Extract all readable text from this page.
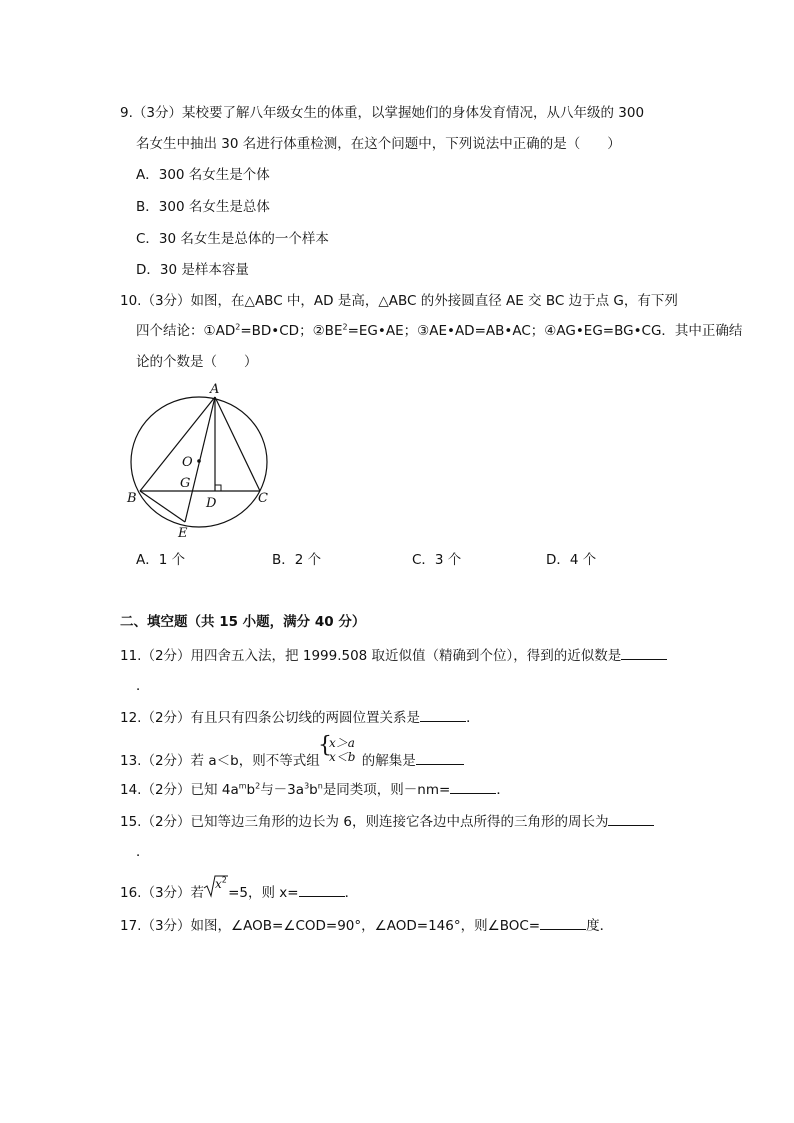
9.（3分）某校要了解八年级女生的体重，以掌握她们的身体发育情况，从八年级的 300
名女生中抽出 30 名进行体重检测，在这个问题中，下列说法中正确的是（　　）
A．300 名女生是个体
B．300 名女生是总体
C．30 名女生是总体的一个样本
D．30 是样本容量
10.（3分）如图，在△ABC 中，AD 是高，△ABC 的外接圆直径 AE 交 BC 边于点 G，有下列
四个结论：$①AD^2=BD•CD$；$②BE^2=EG•AE$；③AE•AD=AB•AC；④AG•EG=BG•CG．其中正确结
论的个数是（　　）
A
O
G
B	D	C
E
A．1 个	B．2 个	C．3 个	D．4 个
二、填空题（共 15 小题，满分 40 分）
11.（2分）用四舍五入法，把 1999.508 取近似值（精确到个位），得到的近似数是
．
12.（2分）有且只有四条公切线的两圆位置关系是	．
13.（2分）若 a＜b，则不等式组	的解集是
{
x＞a
x＜b
14.（2分）已知 $4a^mb^2$与$-3a^3b^n$是同类项，则－nm=	．
15.（2分）已知等边三角形的边长为 6，则连接它各边中点所得的三角形的周长为
．
16.（3分）若 =5，则 x=	．
$x^2$
17.（3分）如图，∠AOB=∠COD=90°，∠AOD=146°，则∠BOC=	度．
